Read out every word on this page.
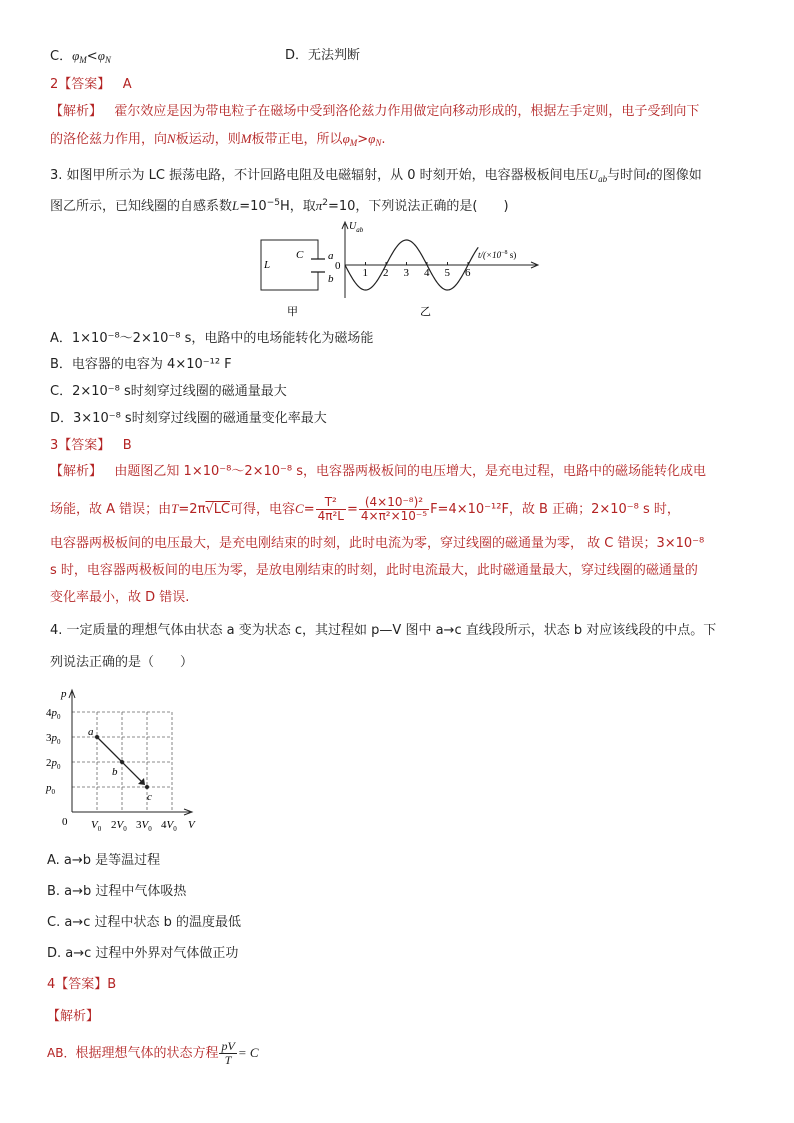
C．$\varphi_M<\varphi_N$	D．无法判断
2【答案】 A
【解析】 霍尔效应是因为带电粒子在磁场中受到洛伦兹力作用做定向移动形成的，根据左手定则，电子受到向下
的洛伦兹力作用，向N板运动，则M板带正电，所以$\varphi_M>\varphi_N$.
3. 如图甲所示为 LC 振荡电路，不计回路电阻及电磁辐射，从 0 时刻开始，电容器极板间电压$U_{ab}$与时间t的图像如
图乙所示，已知线圈的自感系数$L=10^{-5}H$，取$\pi^2=10$，下列说法正确的是(　　)
L
C a
b
甲
1 2 3 4 5 6
0
$U_{ab}$
$t/(\times 10^{-8}$ s)
乙
A．1×10⁻⁸～2×10⁻⁸ s，电路中的电场能转化为磁场能
B．电容器的电容为 4×10⁻¹² F
C．2×10⁻⁸ s时刻穿过线圈的磁通量最大
D．3×10⁻⁸ s时刻穿过线圈的磁通量变化率最大
3【答案】 B
【解析】 由题图乙知 1×10⁻⁸～2×10⁻⁸ s，电容器两极板间的电压增大，是充电过程，电路中的磁场能转化成电
场能，故 A 错误；由T=2π√LC可得，电容$C= \frac{\text{T²}}{\text{4π²L}} = \frac{\text{(4×10⁻⁸)²}}{\text{4×π²×10⁻⁵}} F=4\times 10^{-12}F$，故 B 正确；2×10⁻⁸ s 时，
电容器两极板间的电压最大，是充电刚结束的时刻，此时电流为零，穿过线圈的磁通量为零， 故 C 错误；3×10⁻⁸
s 时，电容器两极板间的电压为零，是放电刚结束的时刻，此时电流最大，此时磁通量最大，穿过线圈的磁通量的
变化率最小，故 D 错误.
4. 一定质量的理想气体由状态 a 变为状态 c，其过程如 p—V 图中 a→c 直线段所示，状态 b 对应该线段的中点。下
列说法正确的是（　　）
a
b
c
p
V
0
$4p_0$
$3p_0$
$2p_0$
$p_0$
$V_0$ $2V_0$ $3V_0$ $4V_0$
A. a→b 是等温过程
B. a→b 过程中气体吸热
C. a→c 过程中状态 b 的温度最低
D. a→c 过程中外界对气体做正功
4【答案】B
【解析】
AB．根据理想气体的状态方程 $\frac{pV}{T} = C$
